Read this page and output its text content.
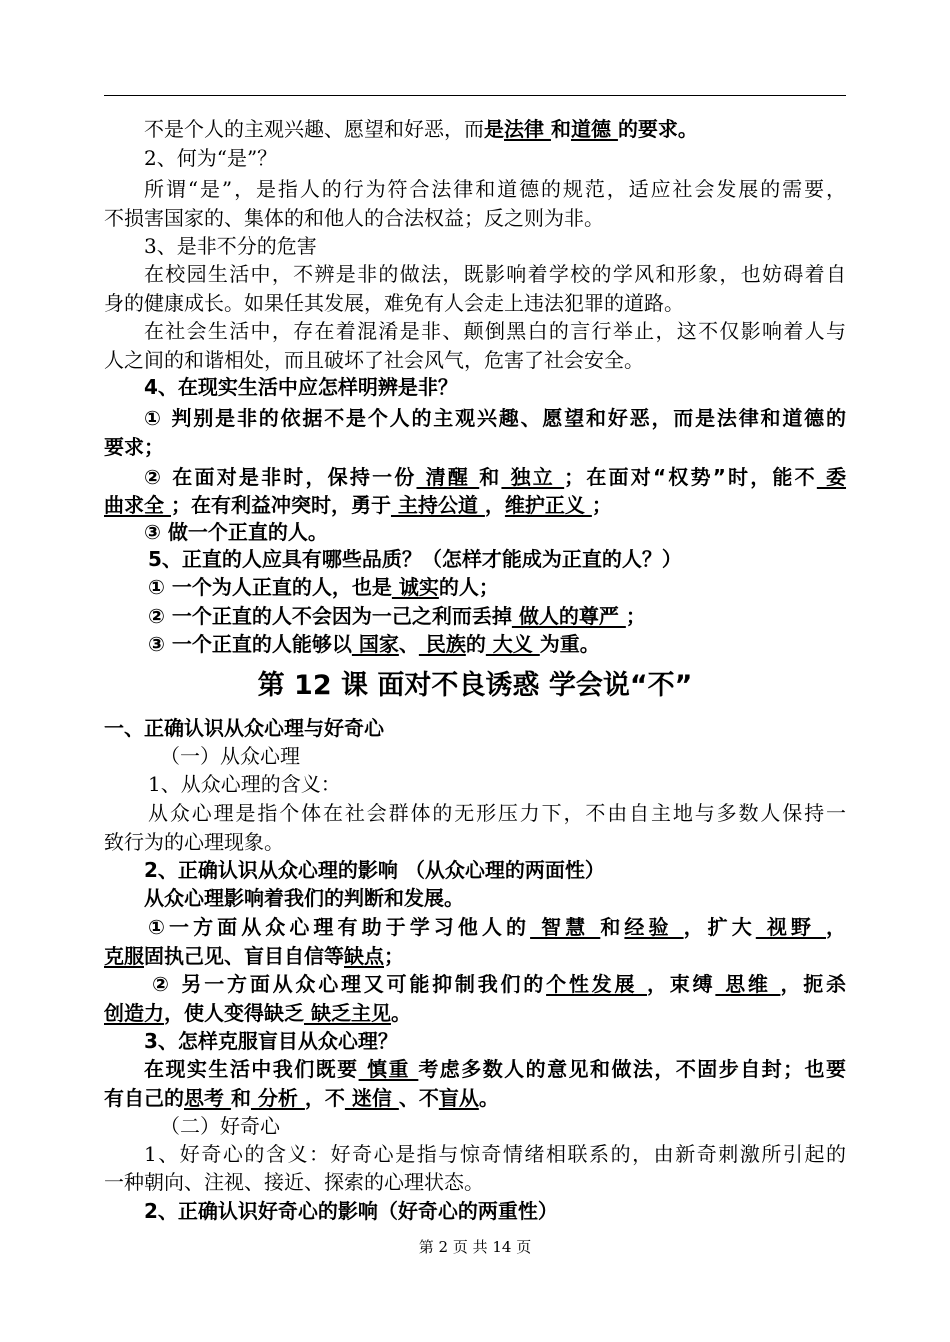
不是个人的主观兴趣、愿望和好恶，而是法律 和道德 的要求。
2、何为“是”？
所谓“是”，是指人的行为符合法律和道德的规范，适应社会发展的需要，
不损害国家的、集体的和他人的合法权益；反之则为非。
3、是非不分的危害
在校园生活中，不辨是非的做法，既影响着学校的学风和形象，也妨碍着自
身的健康成长。如果任其发展，难免有人会走上违法犯罪的道路。
在社会生活中，存在着混淆是非、颠倒黑白的言行举止，这不仅影响着人与
人之间的和谐相处，而且破坏了社会风气，危害了社会安全。
4、在现实生活中应怎样明辨是非？
① 判别是非的依据不是个人的主观兴趣、愿望和好恶，而是法律和道德的
要求；
② 在面对是非时，保持一份 清醒 和 独立 ；在面对“权势”时，能不 委
曲求全 ；在有利益冲突时，勇于 主持公道 ，维护正义 ；
③ 做一个正直的人。
5、正直的人应具有哪些品质？（怎样才能成为正直的人？）
① 一个为人正直的人，也是 诚实的人；
② 一个正直的人不会因为一己之利而丢掉 做人的尊严 ；
③ 一个正直的人能够以 国家、 民族的 大义 为重。
第 12 课 面对不良诱惑 学会说“不”
一、正确认识从众心理与好奇心
（一）从众心理
1、从众心理的含义：
从众心理是指个体在社会群体的无形压力下，不由自主地与多数人保持一
致行为的心理现象。
2、正确认识从众心理的影响 （从众心理的两面性）
从众心理影响着我们的判断和发展。
①一方面从众心理有助于学习他人的 智慧 和经验 ，扩大 视野 ，
克服固执己见、盲目自信等缺点；
② 另一方面从众心理又可能抑制我们的个性发展 ，束缚 思维 ，扼杀
创造力，使人变得缺乏 缺乏主见。
3、怎样克服盲目从众心理？
在现实生活中我们既要 慎重 考虑多数人的意见和做法，不固步自封；也要
有自己的思考 和 分析 ，不 迷信 、不盲从。
（二）好奇心
1、好奇心的含义：好奇心是指与惊奇情绪相联系的，由新奇刺激所引起的
一种朝向、注视、接近、探索的心理状态。
2、正确认识好奇心的影响（好奇心的两重性）
第 2 页 共 14 页
